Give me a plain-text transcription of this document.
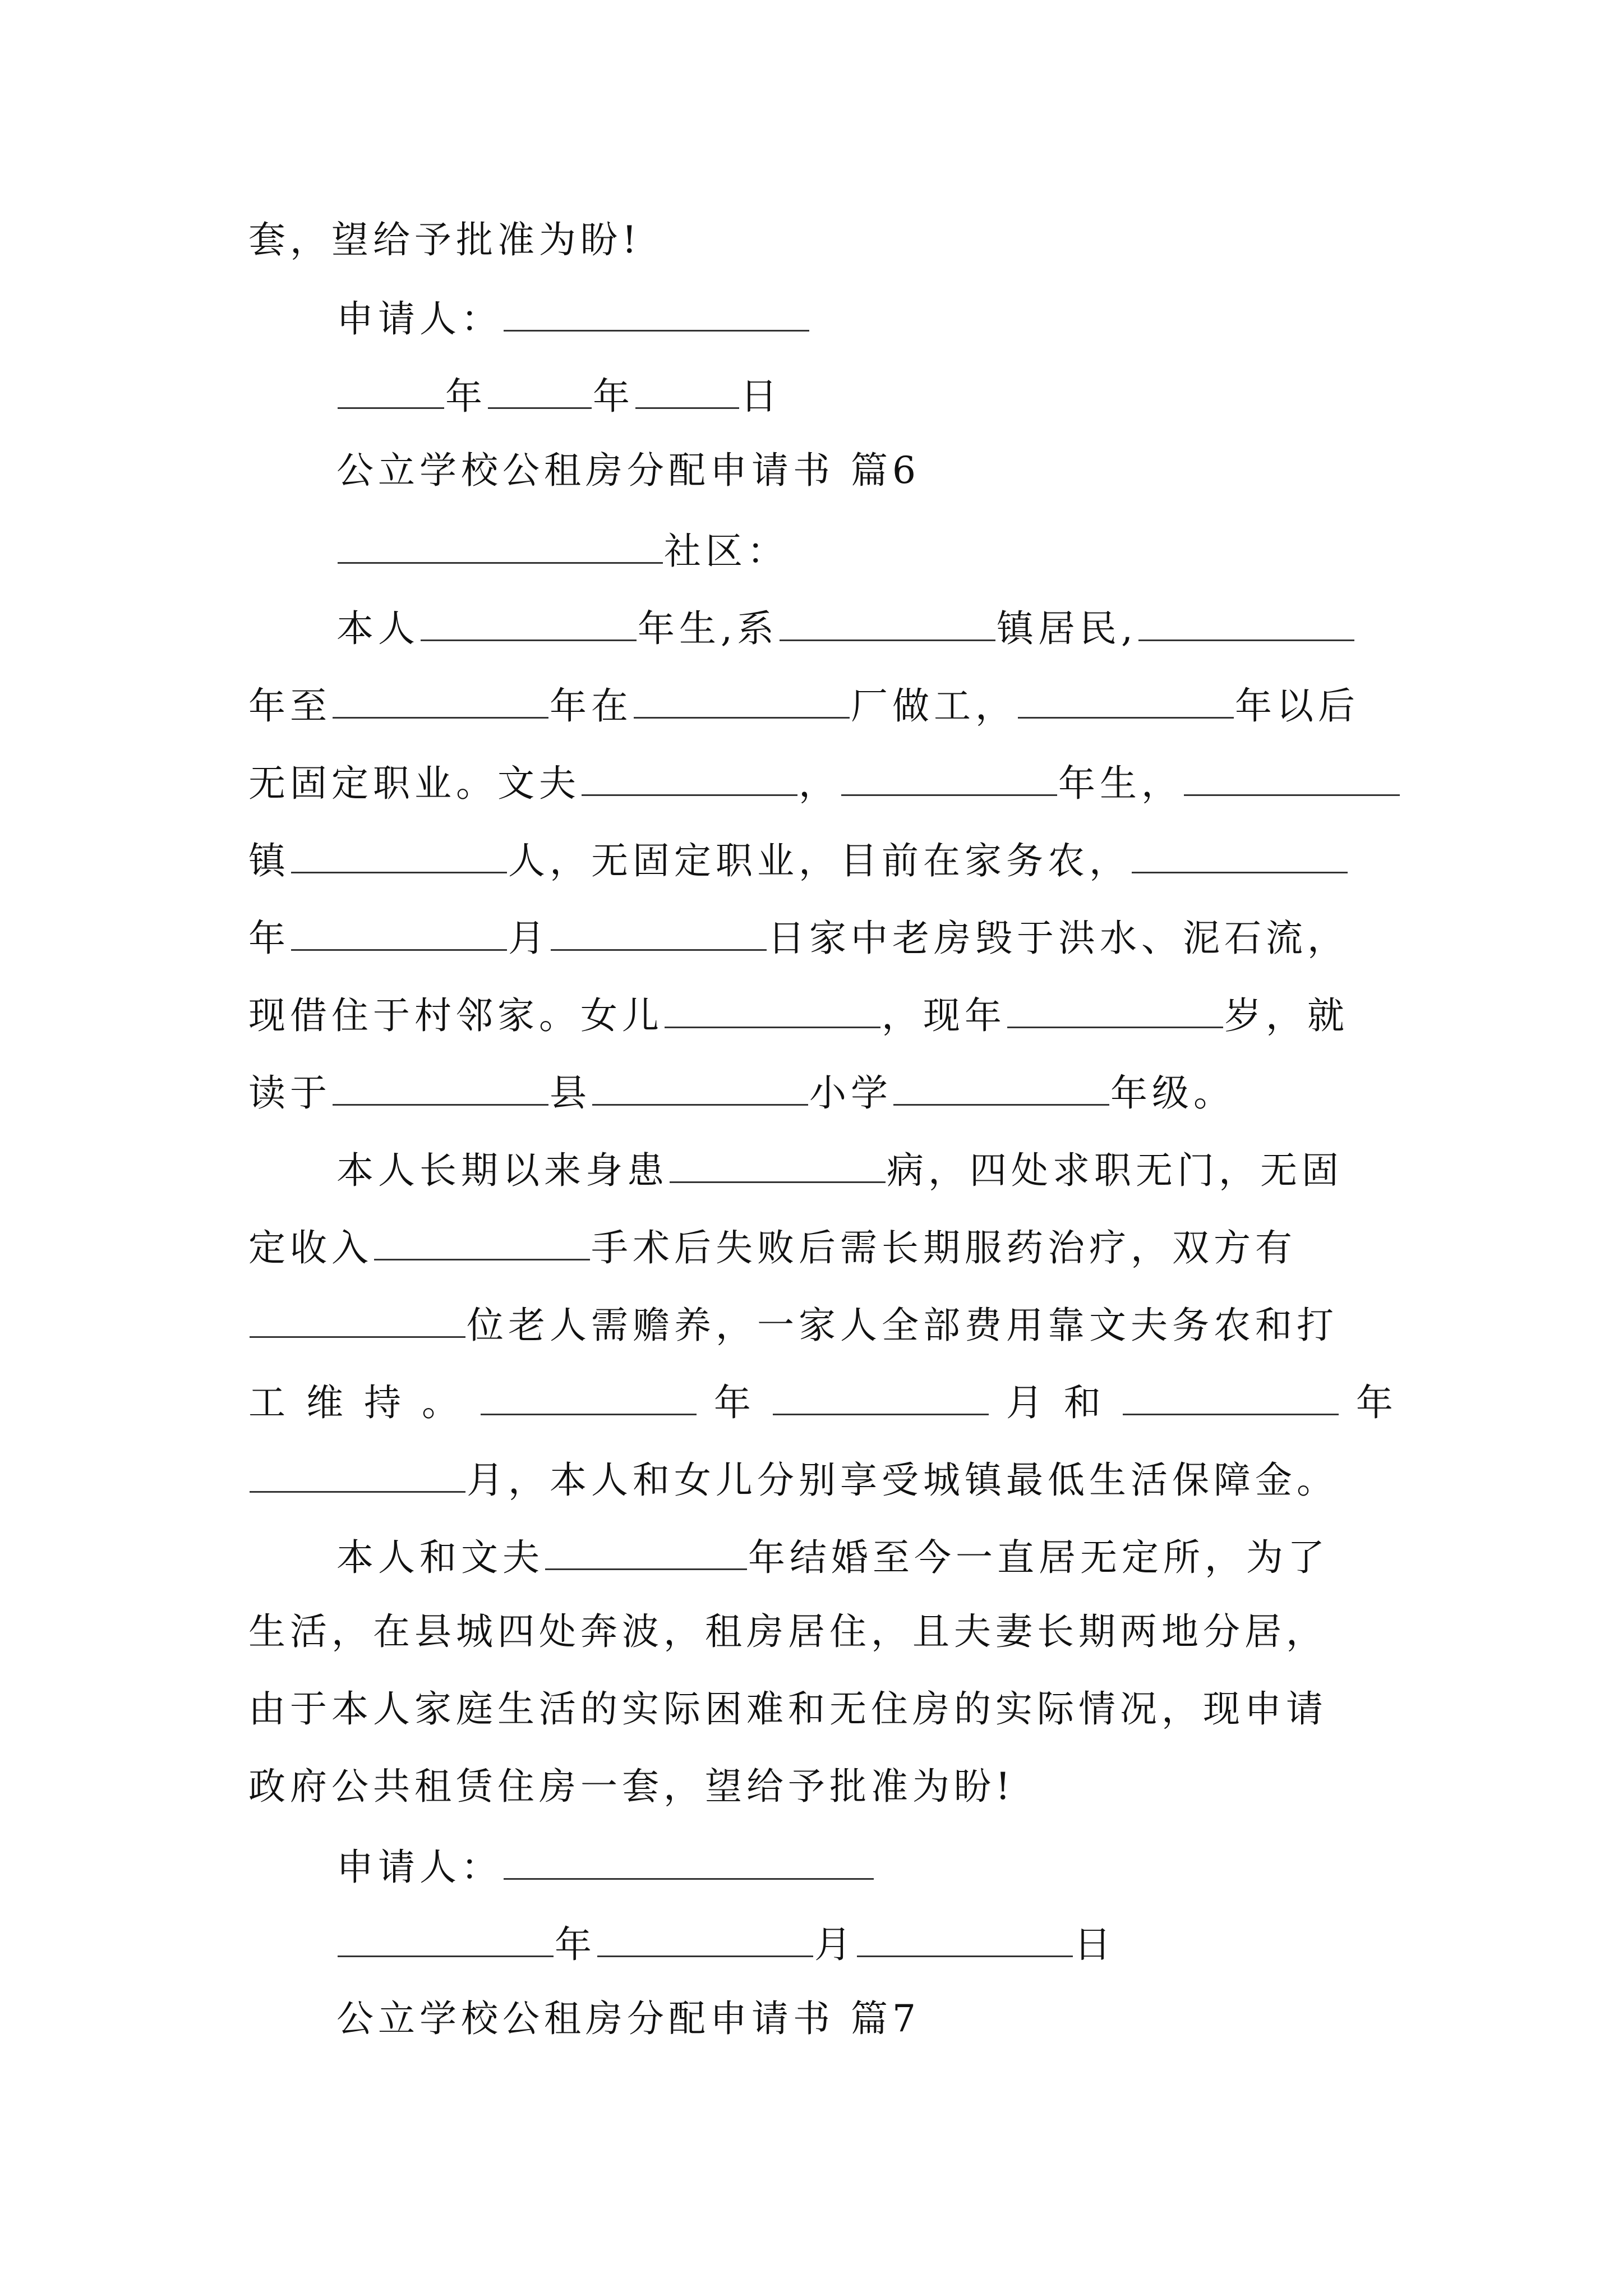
套，望给予批准为盼!
申请人：
年	年	日
公立学校公租房分配申请书 篇6
社区：
本人	年生,系	镇居民,
年至	年在	厂做工，	年以后
无固定职业。文夫	，	年生，
镇	人，无固定职业，目前在家务农，
年	月	日家中老房毁于洪水、泥石流，
现借住于村邻家。女儿	，现年	岁，就
读于	县	小学	年级。
本人长期以来身患	病，四处求职无门，无固
定收入	手术后失败后需长期服药治疗，双方有
位老人需赡养，一家人全部费用靠文夫务农和打
工 维 持 。	年	月 和	年
月，本人和女儿分别享受城镇最低生活保障金。
本人和文夫	年结婚至今一直居无定所，为了
生活，在县城四处奔波，租房居住，且夫妻长期两地分居，
由于本人家庭生活的实际困难和无住房的实际情况，现申请
政府公共租赁住房一套，望给予批准为盼!
申请人：
年	月	日
公立学校公租房分配申请书 篇7
